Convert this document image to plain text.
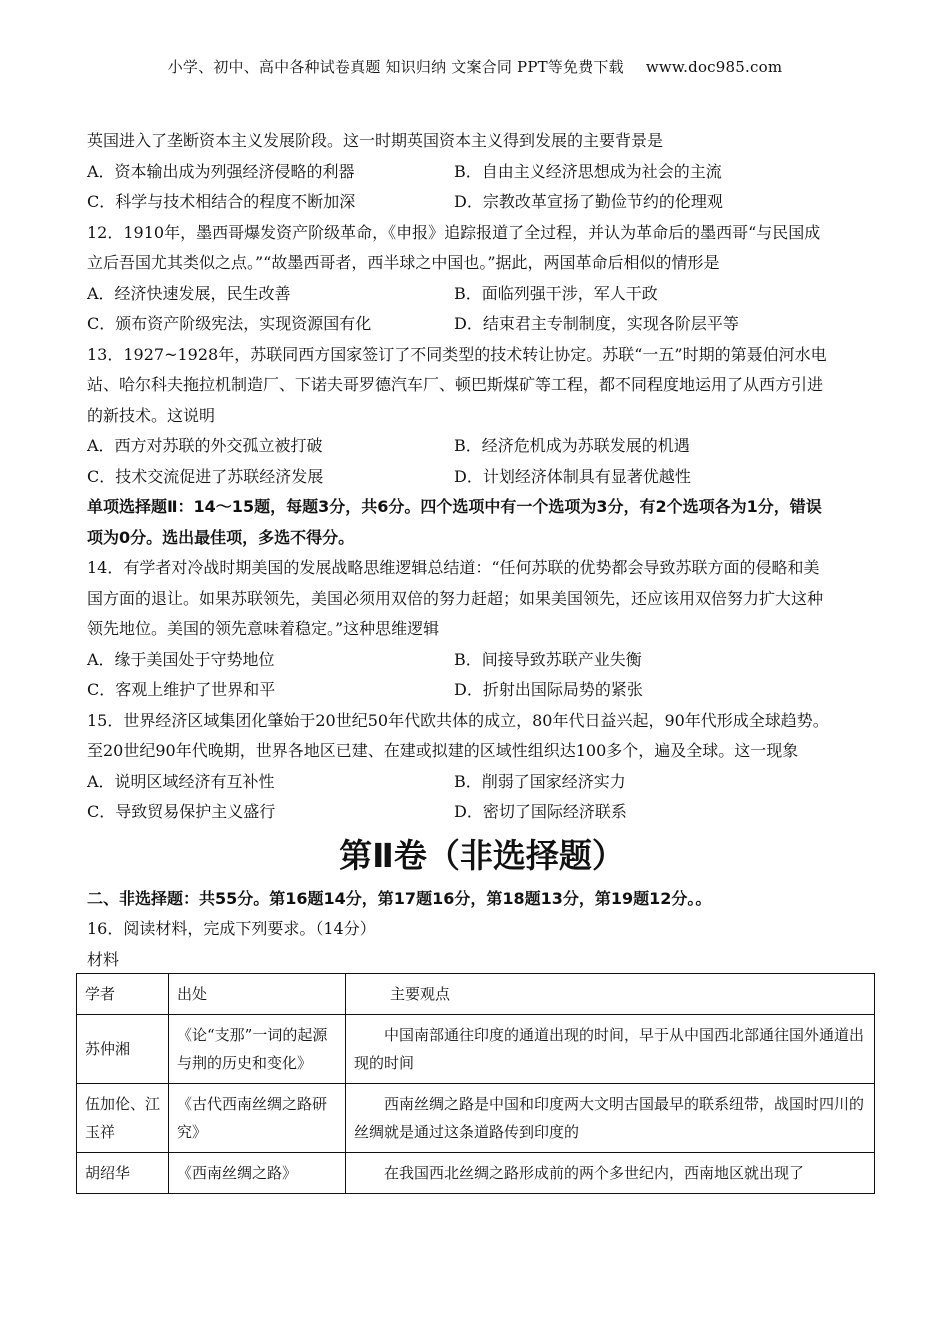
小学、初中、高中各种试卷真题 知识归纳 文案合同 PPT等免费下载 www.doc985.com
英国进入了垄断资本主义发展阶段。这一时期英国资本主义得到发展的主要背景是
A．资本输出成为列强经济侵略的利器	B．自由主义经济思想成为社会的主流
C．科学与技术相结合的程度不断加深	D．宗教改革宣扬了勤俭节约的伦理观
12．1910年，墨西哥爆发资产阶级革命，《申报》追踪报道了全过程，并认为革命后的墨西哥“与民国成
立后吾国尤其类似之点。”“故墨西哥者，西半球之中国也。”据此，两国革命后相似的情形是
A．经济快速发展，民生改善	B．面临列强干涉，军人干政
C．颁布资产阶级宪法，实现资源国有化	D．结束君主专制制度，实现各阶层平等
13．1927~1928年，苏联同西方国家签订了不同类型的技术转让协定。苏联“一五”时期的第聂伯河水电
站、哈尔科夫拖拉机制造厂、下诺夫哥罗德汽车厂、顿巴斯煤矿等工程，都不同程度地运用了从西方引进
的新技术。这说明
A．西方对苏联的外交孤立被打破	B．经济危机成为苏联发展的机遇
C．技术交流促进了苏联经济发展	D．计划经济体制具有显著优越性
单项选择题Ⅱ：14～15题，每题3分，共6分。四个选项中有一个选项为3分，有2个选项各为1分，错误
项为0分。选出最佳项，多选不得分。
14．有学者对冷战时期美国的发展战略思维逻辑总结道：“任何苏联的优势都会导致苏联方面的侵略和美
国方面的退让。如果苏联领先，美国必须用双倍的努力赶超；如果美国领先，还应该用双倍努力扩大这种
领先地位。美国的领先意味着稳定。”这种思维逻辑
A．缘于美国处于守势地位	B．间接导致苏联产业失衡
C．客观上维护了世界和平	D．折射出国际局势的紧张
15．世界经济区域集团化肇始于20世纪50年代欧共体的成立，80年代日益兴起，90年代形成全球趋势。
至20世纪90年代晚期，世界各地区已建、在建或拟建的区域性组织达100多个，遍及全球。这一现象
A．说明区域经济有互补性	B．削弱了国家经济实力
C．导致贸易保护主义盛行	D．密切了国际经济联系
第Ⅱ卷（非选择题）
二、非选择题：共55分。第16题14分，第17题16分，第18题13分，第19题12分。。
16．阅读材料，完成下列要求。（14分）
材料
学者	出处	主要观点
苏仲湘	《论“支那”一词的起源与荆的历史和变化》	中国南部通往印度的通道出现的时间，早于从中国西北部通往国外通道出现的时间
伍加伦、江玉祥	《古代西南丝绸之路研究》	西南丝绸之路是中国和印度两大文明古国最早的联系纽带，战国时四川的丝绸就是通过这条道路传到印度的
胡绍华	《西南丝绸之路》	在我国西北丝绸之路形成前的两个多世纪内，西南地区就出现了
